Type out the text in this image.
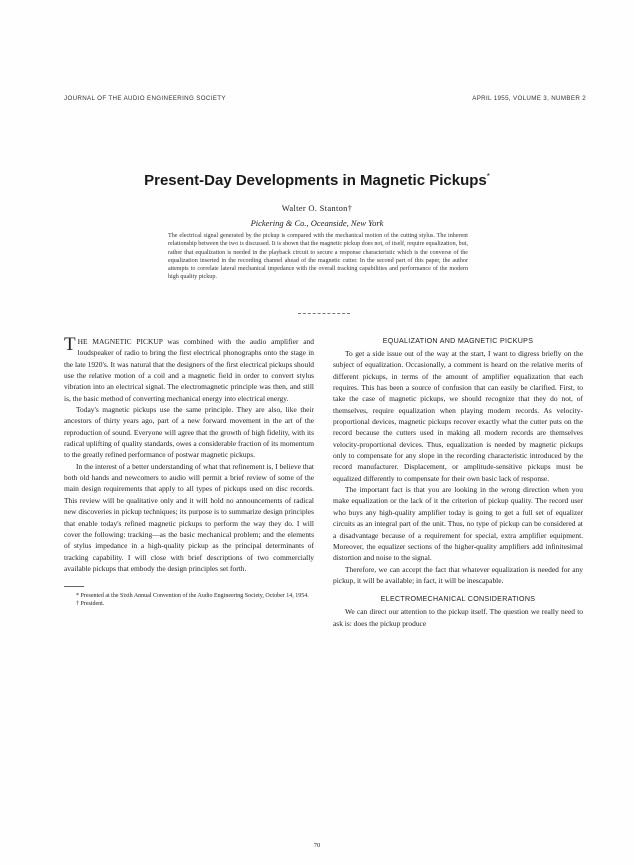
JOURNAL OF THE AUDIO ENGINEERING SOCIETY	APRIL 1955, VOLUME 3, NUMBER 2
Present-Day Developments in Magnetic Pickups*
Walter O. Stanton†
Pickering & Co., Oceanside, New York
The electrical signal generated by the pickup is compared with the mechanical motion of the cutting stylus. The inherent relationship between the two is discussed. It is shown that the magnetic pickup does not, of itself, require equalization, but, rather that equalization is needed in the playback circuit to secure a response characteristic which is the converse of the equalization inserted in the recording channel ahead of the magnetic cutter. In the second part of this paper, the author attempts to correlate lateral mechanical impedance with the overall tracking capabilities and performance of the modern high quality pickup.

THE MAGNETIC PICKUP was combined with the audio amplifier and loudspeaker of radio to bring the first electrical phonographs onto the stage in the late 1920's. It was natural that the designers of the first electrical pickups should use the relative motion of a coil and a magnetic field in order to convert stylus vibration into an electrical signal. The electromagnetic principle was then, and still is, the basic method of converting mechanical energy into electrical energy.

Today's magnetic pickups use the same principle. They are also, like their ancestors of thirty years ago, part of a new forward movement in the art of the reproduction of sound. Everyone will agree that the growth of high fidelity, with its radical uplifting of quality standards, owes a considerable fraction of its momentum to the greatly refined performance of postwar magnetic pickups.

In the interest of a better understanding of what that refinement is, I believe that both old hands and newcomers to audio will permit a brief review of some of the main design requirements that apply to all types of pickups used on disc records. This review will be qualitative only and it will hold no announcements of radical new discoveries in pickup techniques; its purpose is to summarize design principles that enable today's refined magnetic pickups to perform the way they do. I will cover the following: tracking—as the basic mechanical problem; and the elements of stylus impedance in a high-quality pickup as the principal determinants of tracking capability. I will close with brief descriptions of two commercially available pickups that embody the design principles set forth.

* Presented at the Sixth Annual Convention of the Audio Engineering Society, October 14, 1954.

† President.

EQUALIZATION AND MAGNETIC PICKUPS

To get a side issue out of the way at the start, I want to digress briefly on the subject of equalization. Occasionally, a comment is heard on the relative merits of different pickups, in terms of the amount of amplifier equalization that each requires. This has been a source of confusion that can easily be clarified. First, to take the case of magnetic pickups, we should recognize that they do not, of themselves, require equalization when playing modern records. As velocity-proportional devices, magnetic pickups recover exactly what the cutter puts on the record because the cutters used in making all modern records are themselves velocity-proportional devices. Thus, equalization is needed by magnetic pickups only to compensate for any slope in the recording characteristic introduced by the record manufacturer. Displacement, or amplitude-sensitive pickups must be equalized differently to compensate for their own basic lack of response.

The important fact is that you are looking in the wrong direction when you make equalization or the lack of it the criterion of pickup quality. The record user who buys any high-quality amplifier today is going to get a full set of equalizer circuits as an integral part of the unit. Thus, no type of pickup can be considered at a disadvantage because of a requirement for special, extra amplifier equipment. Moreover, the equalizer sections of the higher-quality amplifiers add infinitesimal distortion and noise to the signal.

Therefore, we can accept the fact that whatever equalization is needed for any pickup, it will be available; in fact, it will be inescapable.

ELECTROMECHANICAL CONSIDERATIONS

We can direct our attention to the pickup itself. The question we really need to ask is: does the pickup produce

70
